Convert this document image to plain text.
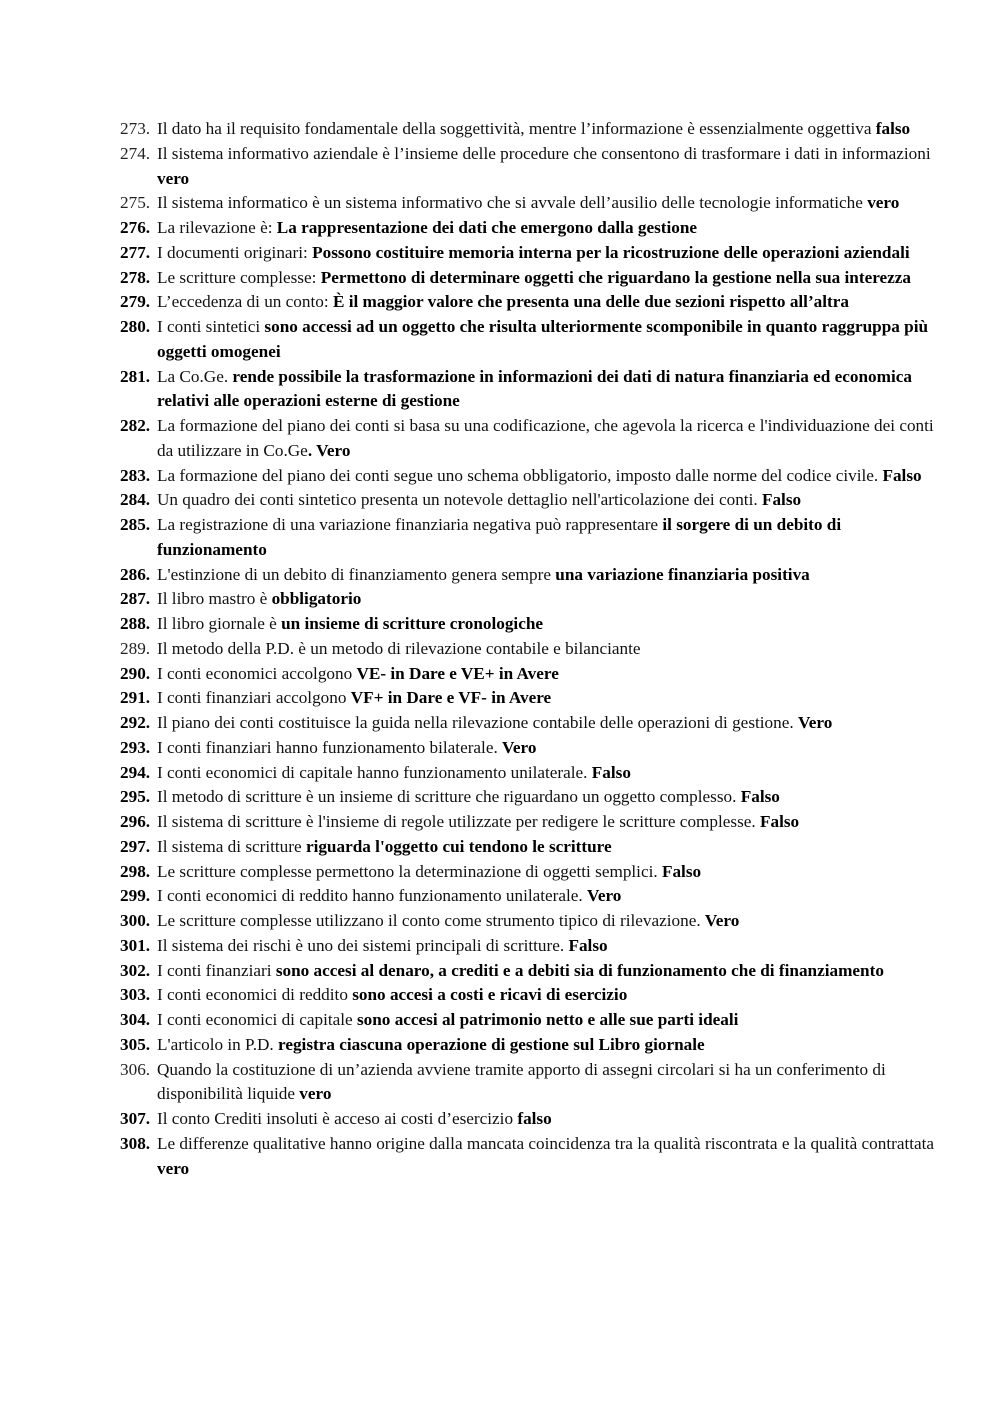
273. Il dato ha il requisito fondamentale della soggettività, mentre l’informazione è essenzialmente oggettiva falso
274. Il sistema informativo aziendale è l’insieme delle procedure che consentono di trasformare i dati in informazioni vero
275. Il sistema informatico è un sistema informativo che si avvale dell’ausilio delle tecnologie informatiche vero
276. La rilevazione è: La rappresentazione dei dati che emergono dalla gestione
277. I documenti originari: Possono costituire memoria interna per la ricostruzione delle operazioni aziendali
278. Le scritture complesse: Permettono di determinare oggetti che riguardano la gestione nella sua interezza
279. L’eccedenza di un conto: È il maggior valore che presenta una delle due sezioni rispetto all’altra
280. I conti sintetici sono accessi ad un oggetto che risulta ulteriormente scomponibile in quanto raggruppa più oggetti omogenei
281. La Co.Ge. rende possibile la trasformazione in informazioni dei dati di natura finanziaria ed economica relativi alle operazioni esterne di gestione
282. La formazione del piano dei conti si basa su una codificazione, che agevola la ricerca e l'individuazione dei conti da utilizzare in Co.Ge. Vero
283. La formazione del piano dei conti segue uno schema obbligatorio, imposto dalle norme del codice civile. Falso
284. Un quadro dei conti sintetico presenta un notevole dettaglio nell'articolazione dei conti. Falso
285. La registrazione di una variazione finanziaria negativa può rappresentare il sorgere di un debito di funzionamento
286. L'estinzione di un debito di finanziamento genera sempre una variazione finanziaria positiva
287. Il libro mastro è obbligatorio
288. Il libro giornale è un insieme di scritture cronologiche
289. Il metodo della P.D. è un metodo di rilevazione contabile e bilanciante
290. I conti economici accolgono VE- in Dare e VE+ in Avere
291. I conti finanziari accolgono VF+ in Dare e VF- in Avere
292. Il piano dei conti costituisce la guida nella rilevazione contabile delle operazioni di gestione. Vero
293. I conti finanziari hanno funzionamento bilaterale. Vero
294. I conti economici di capitale hanno funzionamento unilaterale. Falso
295. Il metodo di scritture è un insieme di scritture che riguardano un oggetto complesso. Falso
296. Il sistema di scritture è l'insieme di regole utilizzate per redigere le scritture complesse. Falso
297. Il sistema di scritture riguarda l'oggetto cui tendono le scritture
298. Le scritture complesse permettono la determinazione di oggetti semplici. Falso
299. I conti economici di reddito hanno funzionamento unilaterale. Vero
300. Le scritture complesse utilizzano il conto come strumento tipico di rilevazione. Vero
301. Il sistema dei rischi è uno dei sistemi principali di scritture. Falso
302. I conti finanziari sono accesi al denaro, a crediti e a debiti sia di funzionamento che di finanziamento
303. I conti economici di reddito sono accesi a costi e ricavi di esercizio
304. I conti economici di capitale sono accesi al patrimonio netto e alle sue parti ideali
305. L'articolo in P.D. registra ciascuna operazione di gestione sul Libro giornale
306. Quando la costituzione di un’azienda avviene tramite apporto di assegni circolari si ha un conferimento di disponibilità liquide vero
307. Il conto Crediti insoluti è acceso ai costi d’esercizio falso
308. Le differenze qualitative hanno origine dalla mancata coincidenza tra la qualità riscontrata e la qualità contrattata vero
